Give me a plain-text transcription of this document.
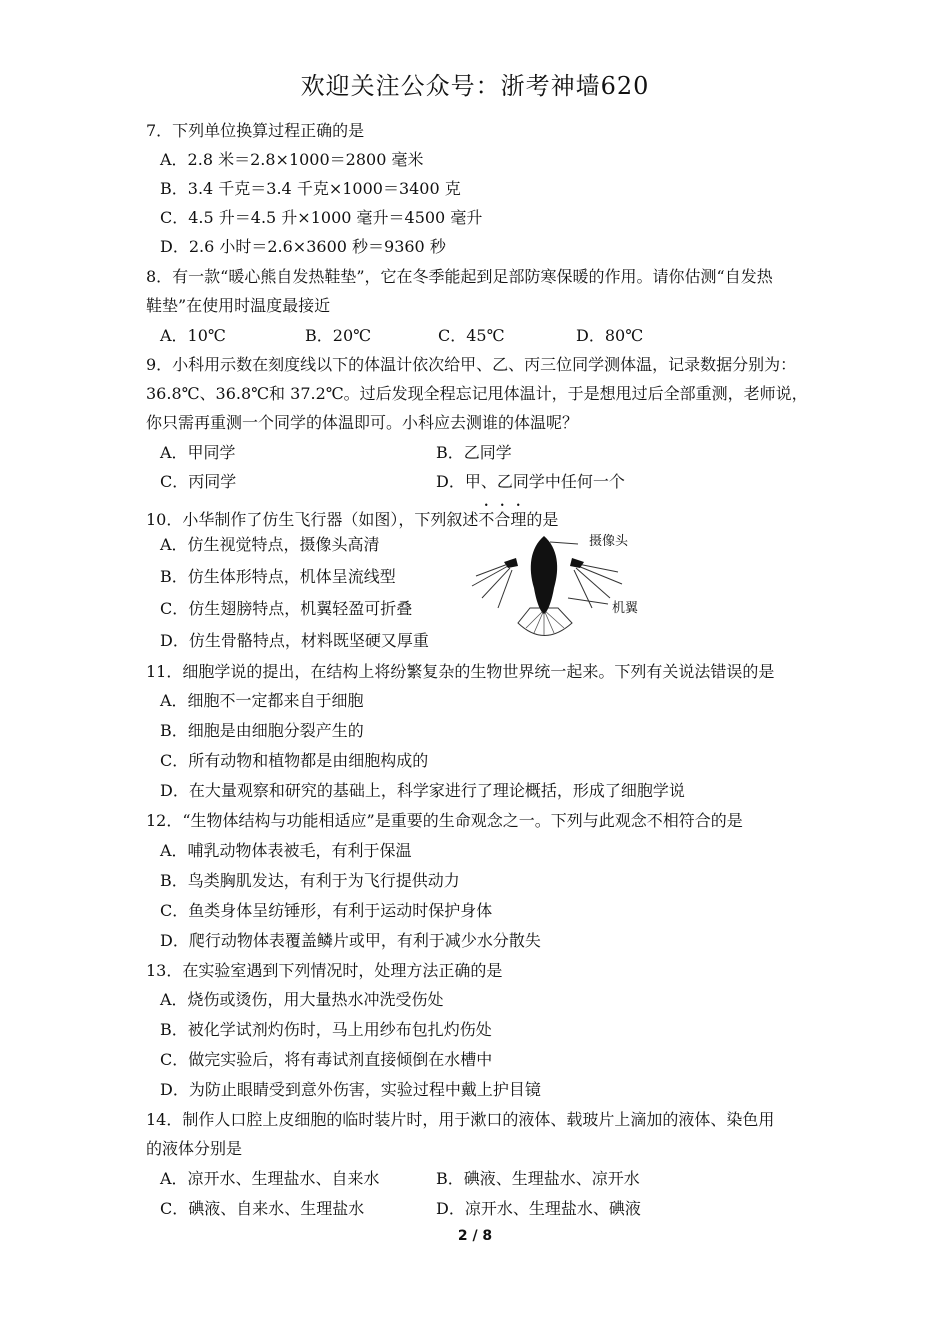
欢迎关注公众号：浙考神墙620
7．下列单位换算过程正确的是
A．2.8 米＝2.8×1000＝2800 毫米
B．3.4 千克＝3.4 千克×1000＝3400 克
C．4.5 升＝4.5 升×1000 毫升＝4500 毫升
D．2.6 小时＝2.6×3600 秒＝9360 秒
8．有一款“暖心熊自发热鞋垫”，它在冬季能起到足部防寒保暖的作用。请你估测“自发热
鞋垫”在使用时温度最接近
A．10℃	B．20℃	C．45℃	D．80℃
9．小科用示数在刻度线以下的体温计依次给甲、乙、丙三位同学测体温，记录数据分别为：
36.8℃、36.8℃和 37.2℃。过后发现全程忘记甩体温计，于是想甩过后全部重测，老师说，
你只需再重测一个同学的体温即可。小科应去测谁的体温呢？
A．甲同学	B．乙同学
C．丙同学	D．甲、乙同学中任何一个
10．小华制作了仿生飞行器（如图），下列叙述不合理的是
A．仿生视觉特点，摄像头高清
B．仿生体形特点，机体呈流线型
C．仿生翅膀特点，机翼轻盈可折叠
D．仿生骨骼特点，材料既坚硬又厚重
摄像头
机翼
11．细胞学说的提出，在结构上将纷繁复杂的生物世界统一起来。下列有关说法错误的是
A．细胞不一定都来自于细胞
B．细胞是由细胞分裂产生的
C．所有动物和植物都是由细胞构成的
D．在大量观察和研究的基础上，科学家进行了理论概括，形成了细胞学说
12．“生物体结构与功能相适应”是重要的生命观念之一。下列与此观念不相符合的是
A．哺乳动物体表被毛，有利于保温
B．鸟类胸肌发达，有利于为飞行提供动力
C．鱼类身体呈纺锤形，有利于运动时保护身体
D．爬行动物体表覆盖鳞片或甲，有利于减少水分散失
13．在实验室遇到下列情况时，处理方法正确的是
A．烧伤或烫伤，用大量热水冲洗受伤处
B．被化学试剂灼伤时，马上用纱布包扎灼伤处
C．做完实验后，将有毒试剂直接倾倒在水槽中
D．为防止眼睛受到意外伤害，实验过程中戴上护目镜
14．制作人口腔上皮细胞的临时装片时，用于漱口的液体、载玻片上滴加的液体、染色用
的液体分别是
A．凉开水、生理盐水、自来水	B．碘液、生理盐水、凉开水
C．碘液、自来水、生理盐水	D．凉开水、生理盐水、碘液
2 / 8
